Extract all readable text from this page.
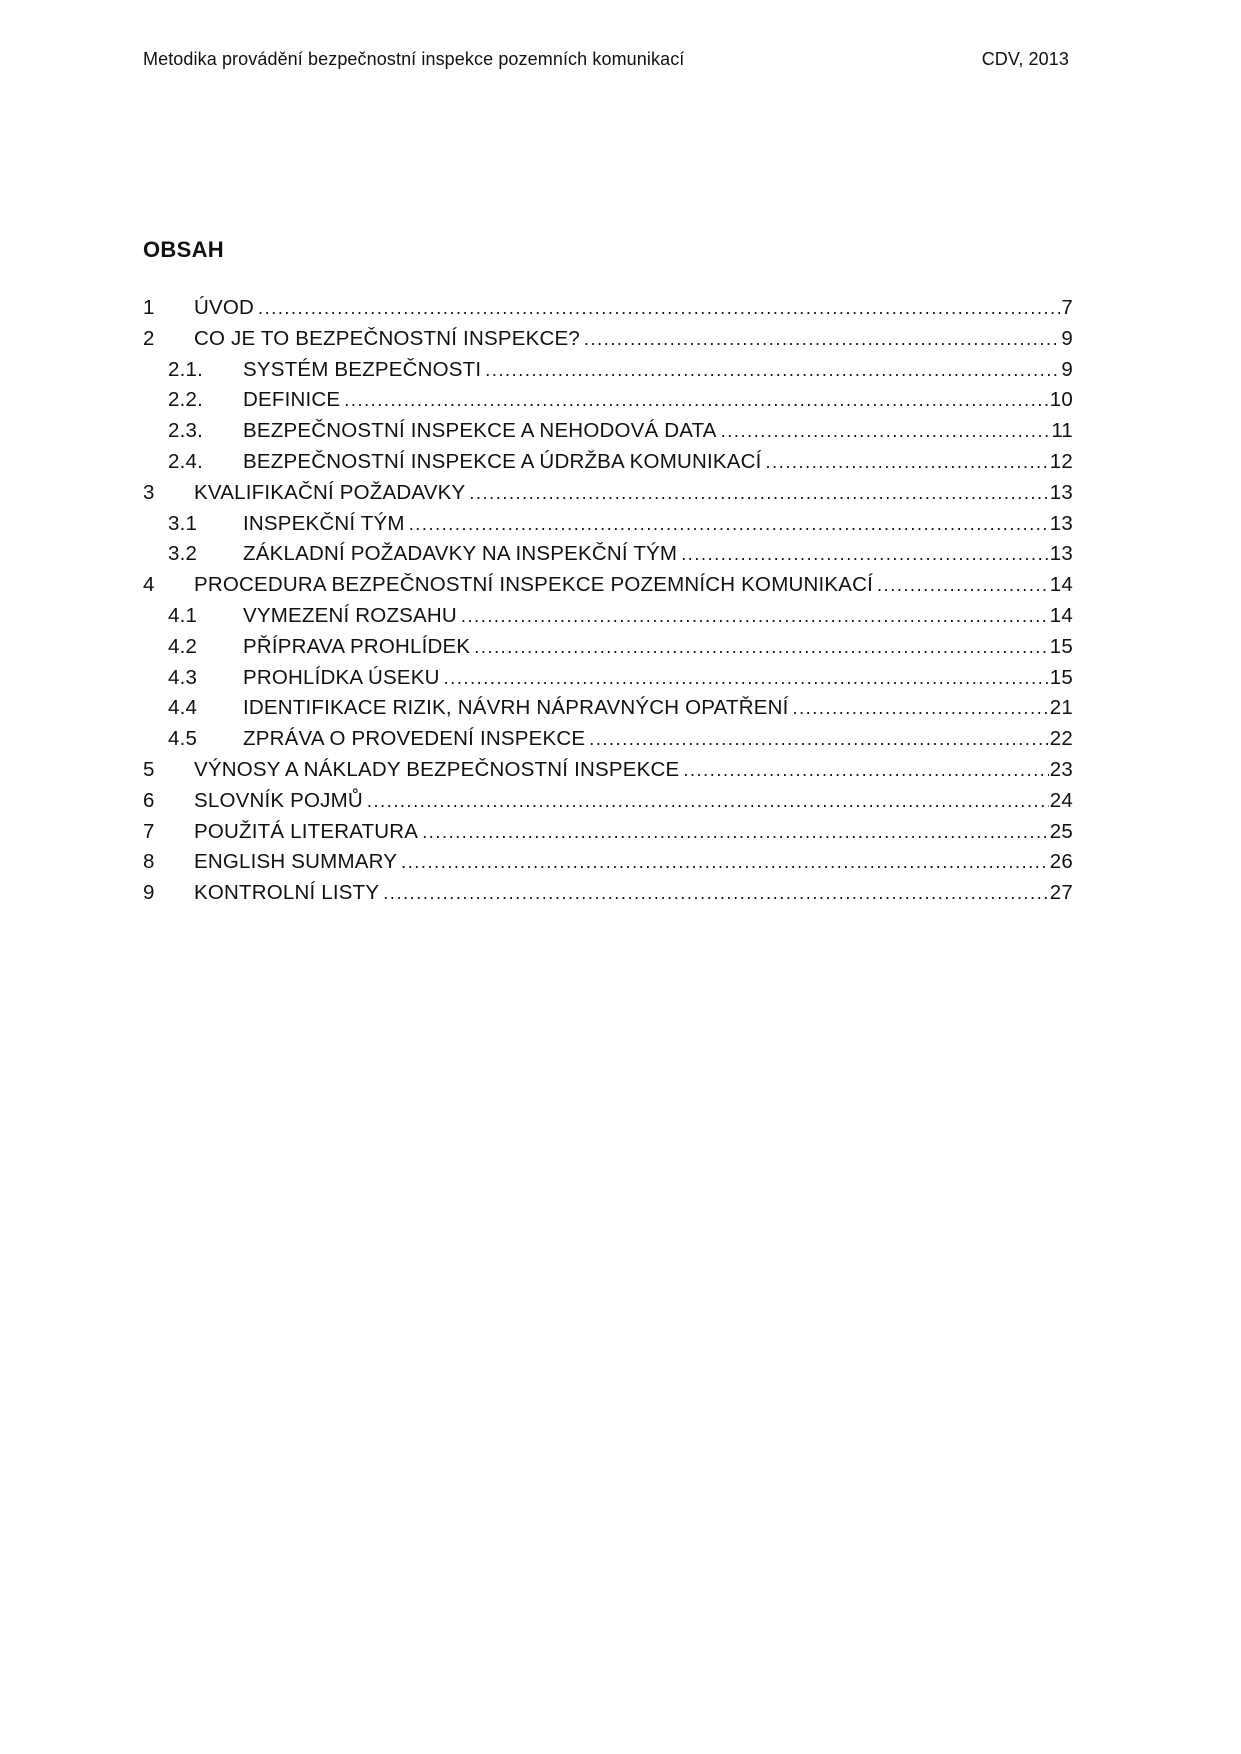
Metodika provádění bezpečnostní inspekce pozemních komunikací	CDV, 2013
OBSAH
1	ÚVOD .....	7
2	CO JE TO BEZPEČNOSTNÍ INSPEKCE? .....	9
2.1.	SYSTÉM BEZPEČNOSTI .....	9
2.2.	DEFINICE .....	10
2.3.	BEZPEČNOSTNÍ INSPEKCE A NEHODOVÁ DATA .....	11
2.4.	BEZPEČNOSTNÍ INSPEKCE A ÚDRŽBA KOMUNIKACÍ .....	12
3	KVALIFIKAČNÍ POŽADAVKY .....	13
3.1	INSPEKČNÍ TÝM .....	13
3.2	ZÁKLADNÍ POŽADAVKY NA INSPEKČNÍ TÝM .....	13
4	PROCEDURA BEZPEČNOSTNÍ INSPEKCE POZEMNÍCH KOMUNIKACÍ .....	14
4.1	VYMEZENÍ ROZSAHU .....	14
4.2	PŘÍPRAVA PROHLÍDEK .....	15
4.3	PROHLÍDKA ÚSEKU .....	15
4.4	IDENTIFIKACE RIZIK, NÁVRH NÁPRAVNÝCH OPATŘENÍ .....	21
4.5	ZPRÁVA O PROVEDENÍ INSPEKCE .....	22
5	VÝNOSY A NÁKLADY BEZPEČNOSTNÍ INSPEKCE .....	23
6	SLOVNÍK POJMŮ .....	24
7	POUŽITÁ LITERATURA .....	25
8	ENGLISH SUMMARY .....	26
9	KONTROLNÍ LISTY .....	27
